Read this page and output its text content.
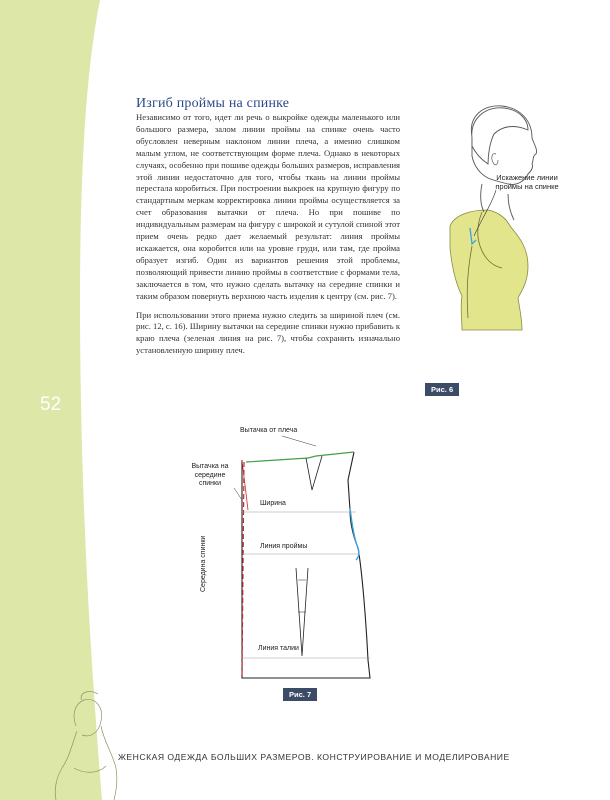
52
Изгиб проймы на спинке

Независимо от того, идет ли речь о выкройке одежды маленького или большого размера, залом линии проймы на спинке очень часто обусловлен неверным наклоном линии плеча, а именно слишком малым углом, не соответствующим форме плеча. Однако в некоторых случаях, особенно при пошиве одежды больших размеров, исправления этой линии недостаточно для того, чтобы ткань на линии проймы перестала коробиться. При построении выкроек на крупную фигуру по стандартным меркам корректировка линии проймы осуществляется за счет образования вытачки от плеча. Но при пошиве по индивидуальным размерам на фигуру с широкой и сутулой спиной этот прием очень редко дает желаемый результат: линия проймы искажается, она коробится или на уровне груди, или там, где пройма образует изгиб. Один из вариантов решения этой проблемы, позволяющий привести линию проймы в соответствие с формами тела, заключается в том, что нужно сделать вытачку на середине спинки и таким образом повернуть верхнюю часть изделия к центру (см. рис. 7).

При использовании этого приема нужно следить за шириной плеч (см. рис. 12, с. 16). Ширину вытачки на середине спинки нужно прибавить к краю плеча (зеленая линия на рис. 7), чтобы сохранить изначально установленную ширину плеч.

Искажение линии проймы на спинке
Рис. 6
Вытачка от плеча
Вытачка на середине спинки
Ширина
Линия проймы
Линия талии
Середина спинки
Рис. 7
ЖЕНСКАЯ ОДЕЖДА БОЛЬШИХ РАЗМЕРОВ. КОНСТРУИРОВАНИЕ И МОДЕЛИРОВАНИЕ
